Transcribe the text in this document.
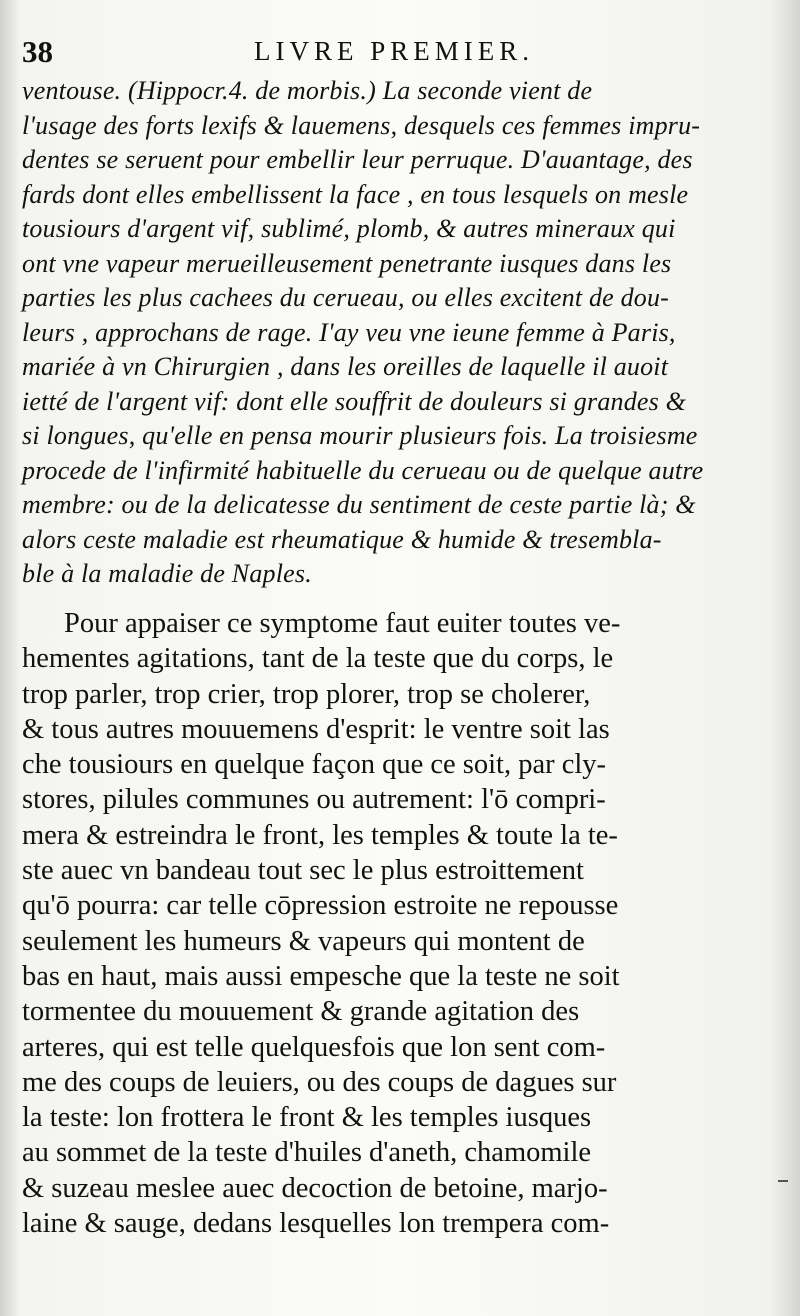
38	LIVRE PREMIER.
ventouse. (Hippocr.4. de morbis.) La seconde vient de
l'usage des forts lexifs & lauemens, desquels ces femmes impru-
dentes se seruent pour embellir leur perruque. D'auantage, des
fards dont elles embellissent la face , en tous lesquels on mesle
tousiours d'argent vif, sublimé, plomb, & autres mineraux qui
ont vne vapeur merueilleusement penetrante iusques dans les
parties les plus cachees du cerueau, ou elles excitent de dou-
leurs , approchans de rage. I'ay veu vne ieune femme à Paris,
mariée à vn Chirurgien , dans les oreilles de laquelle il auoit
ietté de l'argent vif: dont elle souffrit de douleurs si grandes &
si longues, qu'elle en pensa mourir plusieurs fois. La troisiesme
procede de l'infirmité habituelle du cerueau ou de quelque autre
membre: ou de la delicatesse du sentiment de ceste partie là; &
alors ceste maladie est rheumatique & humide & tresembla-
ble à la maladie de Naples.
Pour appaiser ce symptome faut euiter toutes ve-
hementes agitations, tant de la teste que du corps, le
trop parler, trop crier, trop plorer, trop se cholerer,
& tous autres mouuemens d'esprit: le ventre soit las
che tousiours en quelque façon que ce soit, par cly-
stores, pilules communes ou autrement: l'ō compri-
mera & estreindra le front, les temples & toute la te-
ste auec vn bandeau tout sec le plus estroittement
qu'ō pourra: car telle cōpression estroite ne repousse
seulement les humeurs & vapeurs qui montent de
bas en haut, mais aussi empesche que la teste ne soit
tormentee du mouuement & grande agitation des
arteres, qui est telle quelquesfois que lon sent com-
me des coups de leuiers, ou des coups de dagues sur
la teste: lon frottera le front & les temples iusques
au sommet de la teste d'huiles d'aneth, chamomile
& suzeau meslee auec decoction de betoine, marjo-
laine & sauge, dedans lesquelles lon trempera com-
